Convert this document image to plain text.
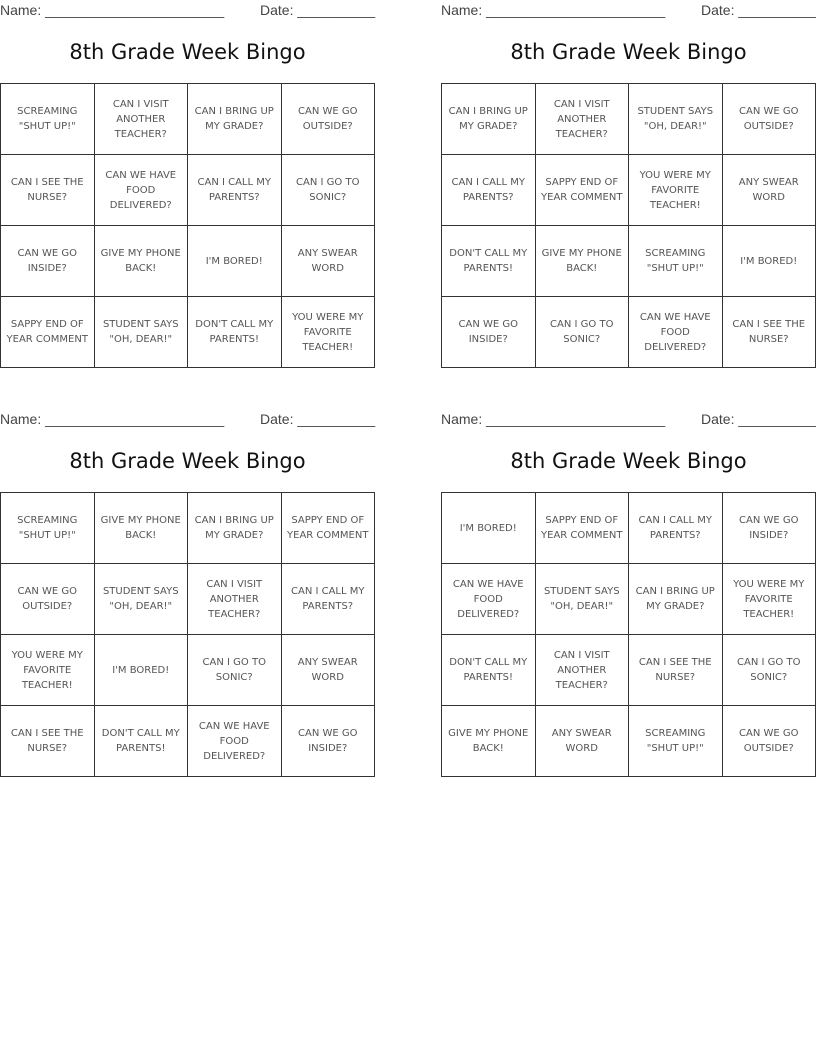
Name: _______________________	Date: __________
8th Grade Week Bingo
SCREAMING "SHUT UP!"	CAN I VISIT ANOTHER TEACHER?	CAN I BRING UP MY GRADE?	CAN WE GO OUTSIDE?
CAN I SEE THE NURSE?	CAN WE HAVE FOOD DELIVERED?	CAN I CALL MY PARENTS?	CAN I GO TO SONIC?
CAN WE GO INSIDE?	GIVE MY PHONE BACK!	I'M BORED!	ANY SWEAR WORD
SAPPY END OF YEAR COMMENT	STUDENT SAYS "OH, DEAR!"	DON'T CALL MY PARENTS!	YOU WERE MY FAVORITE TEACHER!
Name: _______________________	Date: __________
8th Grade Week Bingo
CAN I BRING UP MY GRADE?	CAN I VISIT ANOTHER TEACHER?	STUDENT SAYS "OH, DEAR!"	CAN WE GO OUTSIDE?
CAN I CALL MY PARENTS?	SAPPY END OF YEAR COMMENT	YOU WERE MY FAVORITE TEACHER!	ANY SWEAR WORD
DON'T CALL MY PARENTS!	GIVE MY PHONE BACK!	SCREAMING "SHUT UP!"	I'M BORED!
CAN WE GO INSIDE?	CAN I GO TO SONIC?	CAN WE HAVE FOOD DELIVERED?	CAN I SEE THE NURSE?
Name: _______________________	Date: __________
8th Grade Week Bingo
SCREAMING "SHUT UP!"	GIVE MY PHONE BACK!	CAN I BRING UP MY GRADE?	SAPPY END OF YEAR COMMENT
CAN WE GO OUTSIDE?	STUDENT SAYS "OH, DEAR!"	CAN I VISIT ANOTHER TEACHER?	CAN I CALL MY PARENTS?
YOU WERE MY FAVORITE TEACHER!	I'M BORED!	CAN I GO TO SONIC?	ANY SWEAR WORD
CAN I SEE THE NURSE?	DON'T CALL MY PARENTS!	CAN WE HAVE FOOD DELIVERED?	CAN WE GO INSIDE?
Name: _______________________	Date: __________
8th Grade Week Bingo
I'M BORED!	SAPPY END OF YEAR COMMENT	CAN I CALL MY PARENTS?	CAN WE GO INSIDE?
CAN WE HAVE FOOD DELIVERED?	STUDENT SAYS "OH, DEAR!"	CAN I BRING UP MY GRADE?	YOU WERE MY FAVORITE TEACHER!
DON'T CALL MY PARENTS!	CAN I VISIT ANOTHER TEACHER?	CAN I SEE THE NURSE?	CAN I GO TO SONIC?
GIVE MY PHONE BACK!	ANY SWEAR WORD	SCREAMING "SHUT UP!"	CAN WE GO OUTSIDE?
